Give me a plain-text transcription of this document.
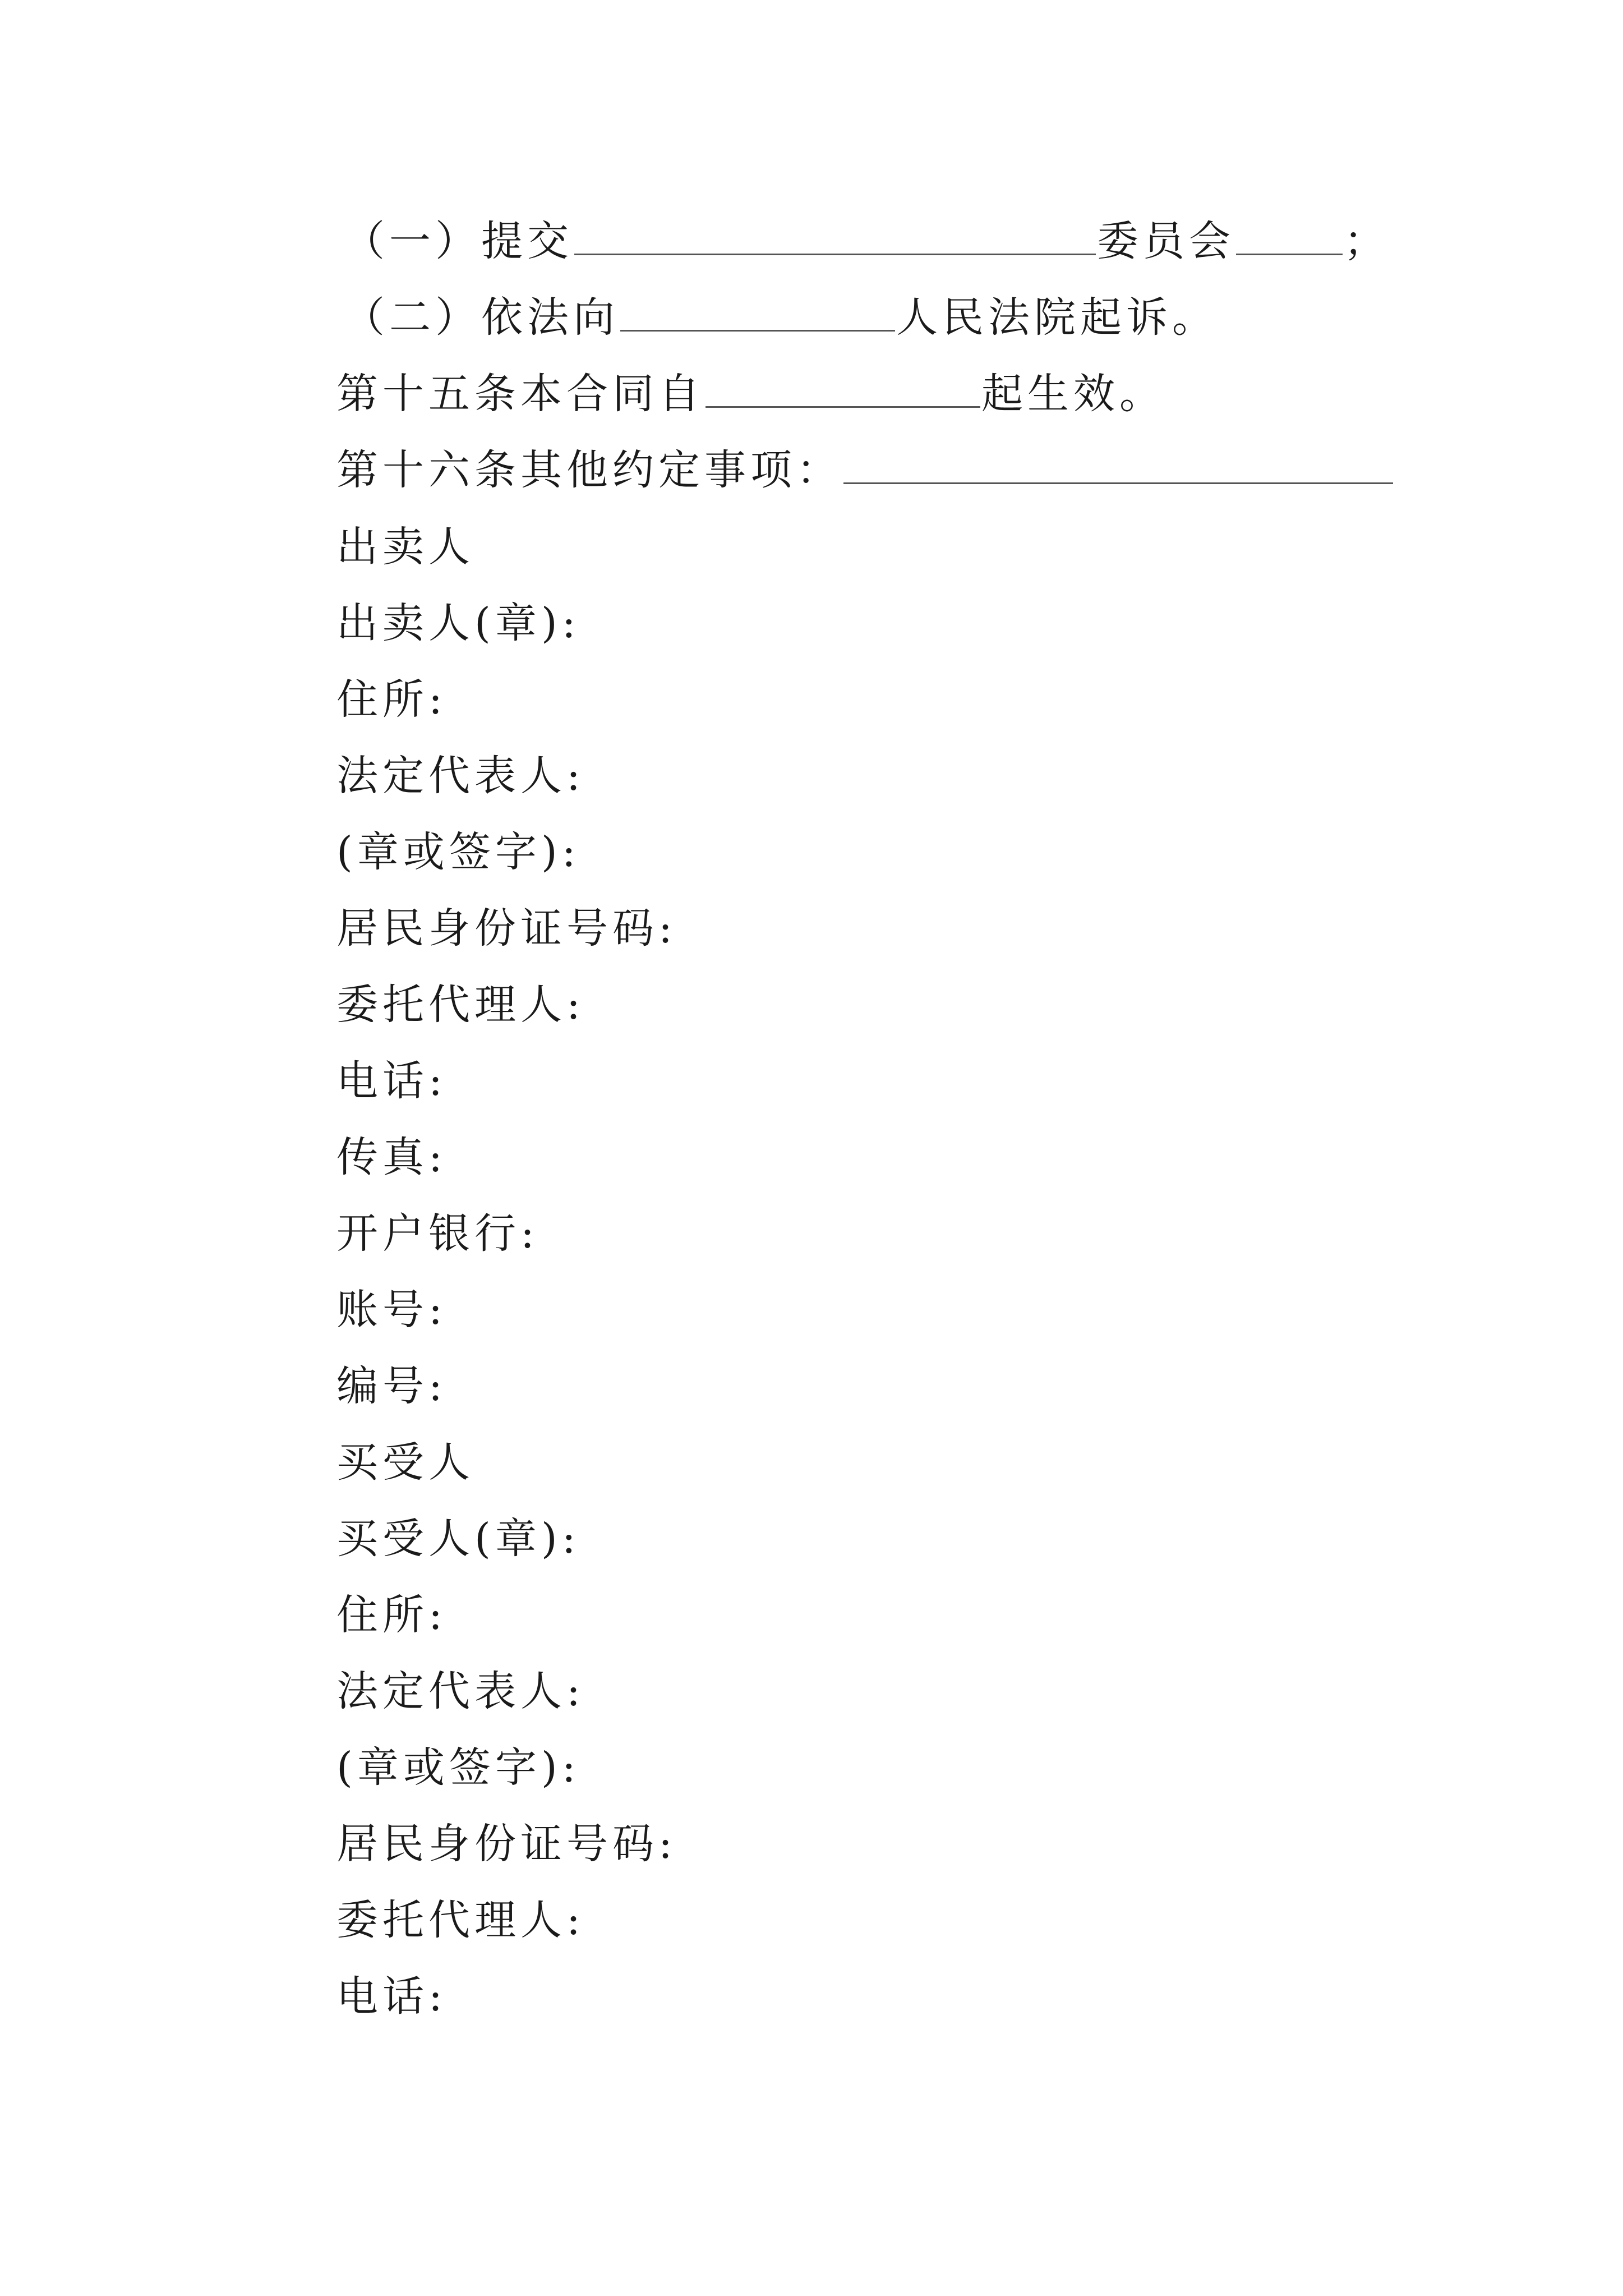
（一）提交	委员会	；
（二）依法向	人民法院起诉。
第十五条本合同自	起生效。
第十六条其他约定事项：
出卖人
出卖人(章):
住所:
法定代表人:
(章或签字):
居民身份证号码:
委托代理人:
电话:
传真:
开户银行:
账号:
编号:
买受人
买受人(章):
住所:
法定代表人:
(章或签字):
居民身份证号码:
委托代理人:
电话:
